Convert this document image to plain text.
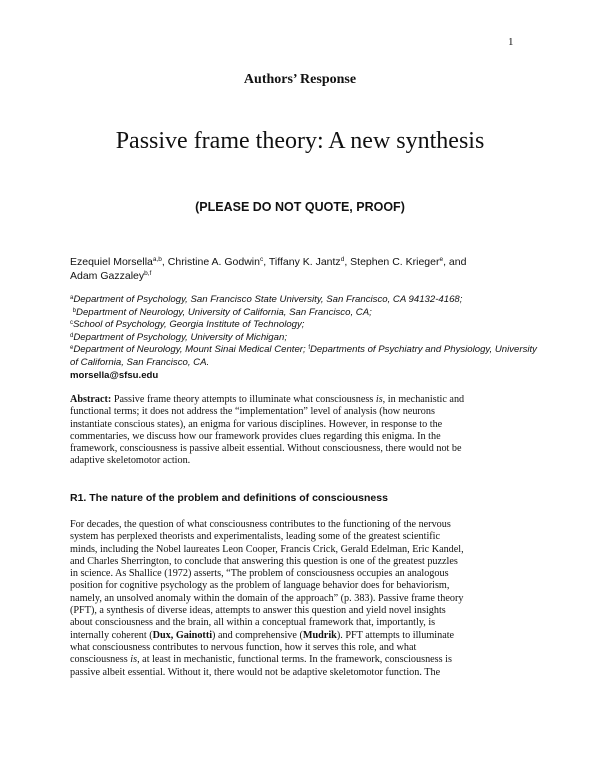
1
Authors’ Response
Passive frame theory: A new synthesis
(PLEASE DO NOT QUOTE, PROOF)
Ezequiel Morsella$^{a,b}$, Christine A. Godwin$^c$, Tiffany K. Jantz$^d$, Stephen C. Krieger$^e$, and
Adam Gazzaley$^{b,f}$
$^a$Department of Psychology, San Francisco State University, San Francisco, CA 94132-4168;
$^b$Department of Neurology, University of California, San Francisco, CA;
$^c$School of Psychology, Georgia Institute of Technology;
$^d$Department of Psychology, University of Michigan;
$^e$Department of Neurology, Mount Sinai Medical Center; $^f$Departments of Psychiatry and Physiology, University of California, San Francisco, CA.
morsella@sfsu.edu
Abstract: Passive frame theory attempts to illuminate what consciousness is, in mechanistic and
functional terms; it does not address the “implementation” level of analysis (how neurons
instantiate conscious states), an enigma for various disciplines. However, in response to the
commentaries, we discuss how our framework provides clues regarding this enigma. In the
framework, consciousness is passive albeit essential. Without consciousness, there would not be
adaptive skeletomotor action.
R1. The nature of the problem and definitions of consciousness
For decades, the question of what consciousness contributes to the functioning of the nervous
system has perplexed theorists and experimentalists, leading some of the greatest scientific
minds, including the Nobel laureates Leon Cooper, Francis Crick, Gerald Edelman, Eric Kandel,
and Charles Sherrington, to conclude that answering this question is one of the greatest puzzles
in science. As Shallice (1972) asserts, “The problem of consciousness occupies an analogous
position for cognitive psychology as the problem of language behavior does for behaviorism,
namely, an unsolved anomaly within the domain of the approach” (p. 383). Passive frame theory
(PFT), a synthesis of diverse ideas, attempts to answer this question and yield novel insights
about consciousness and the brain, all within a conceptual framework that, importantly, is
internally coherent (Dux, Gainotti) and comprehensive (Mudrik). PFT attempts to illuminate
what consciousness contributes to nervous function, how it serves this role, and what
consciousness is, at least in mechanistic, functional terms. In the framework, consciousness is
passive albeit essential. Without it, there would not be adaptive skeletomotor function. The
